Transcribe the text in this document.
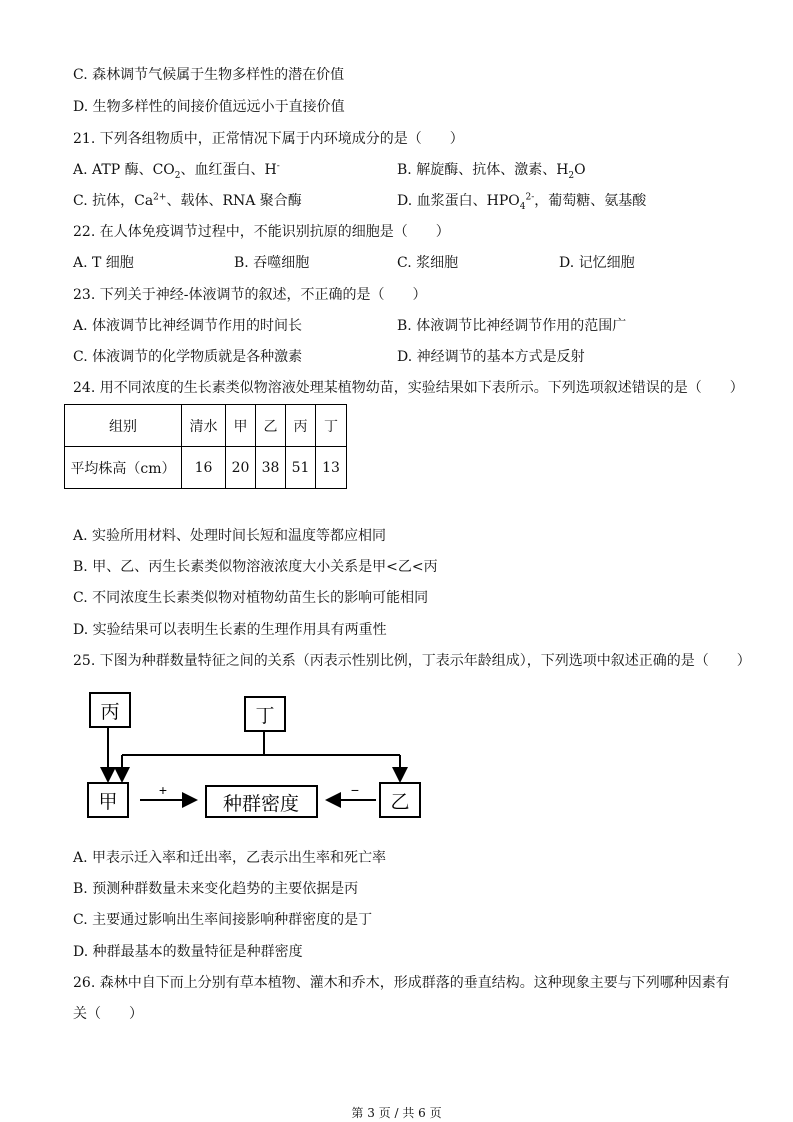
C. 森林调节气候属于生物多样性的潜在价值
D. 生物多样性的间接价值远远小于直接价值
21. 下列各组物质中，正常情况下属于内环境成分的是（　　）
A. ATP 酶、$CO_2$、血红蛋白、H-	B. 解旋酶、抗体、激素、$H_2O$
C. 抗体，$Ca^{2+}$、载体、RNA 聚合酶	D. 血浆蛋白、$HPO_4^{2-}$，葡萄糖、氨基酸
22. 在人体免疫调节过程中，不能识别抗原的细胞是（　　）
A. T 细胞	B. 吞噬细胞	C. 浆细胞	D. 记忆细胞
23. 下列关于神经-体液调节的叙述，不正确的是（　　）
A. 体液调节比神经调节作用的时间长	B. 体液调节比神经调节作用的范围广
C. 体液调节的化学物质就是各种激素	D. 神经调节的基本方式是反射
24. 用不同浓度的生长素类似物溶液处理某植物幼苗，实验结果如下表所示。下列选项叙述错误的是（　　）
组别	清水	甲	乙	丙	丁
平均株高（cm）	16	20	38	51	13
A. 实验所用材料、处理时间长短和温度等都应相同
B. 甲、乙、丙生长素类似物溶液浓度大小关系是甲<乙<丙
C. 不同浓度生长素类似物对植物幼苗生长的影响可能相同
D. 实验结果可以表明生长素的生理作用具有两重性
25. 下图为种群数量特征之间的关系（丙表示性别比例，丁表示年龄组成），下列选项中叙述正确的是（　　）
丙	丁
甲	种群密度	乙
+	−
A. 甲表示迁入率和迁出率，乙表示出生率和死亡率
B. 预测种群数量未来变化趋势的主要依据是丙
C. 主要通过影响出生率间接影响种群密度的是丁
D. 种群最基本的数量特征是种群密度
26. 森林中自下而上分别有草本植物、灌木和乔木，形成群落的垂直结构。这种现象主要与下列哪种因素有
关（　　）
第 3 页 / 共 6 页
